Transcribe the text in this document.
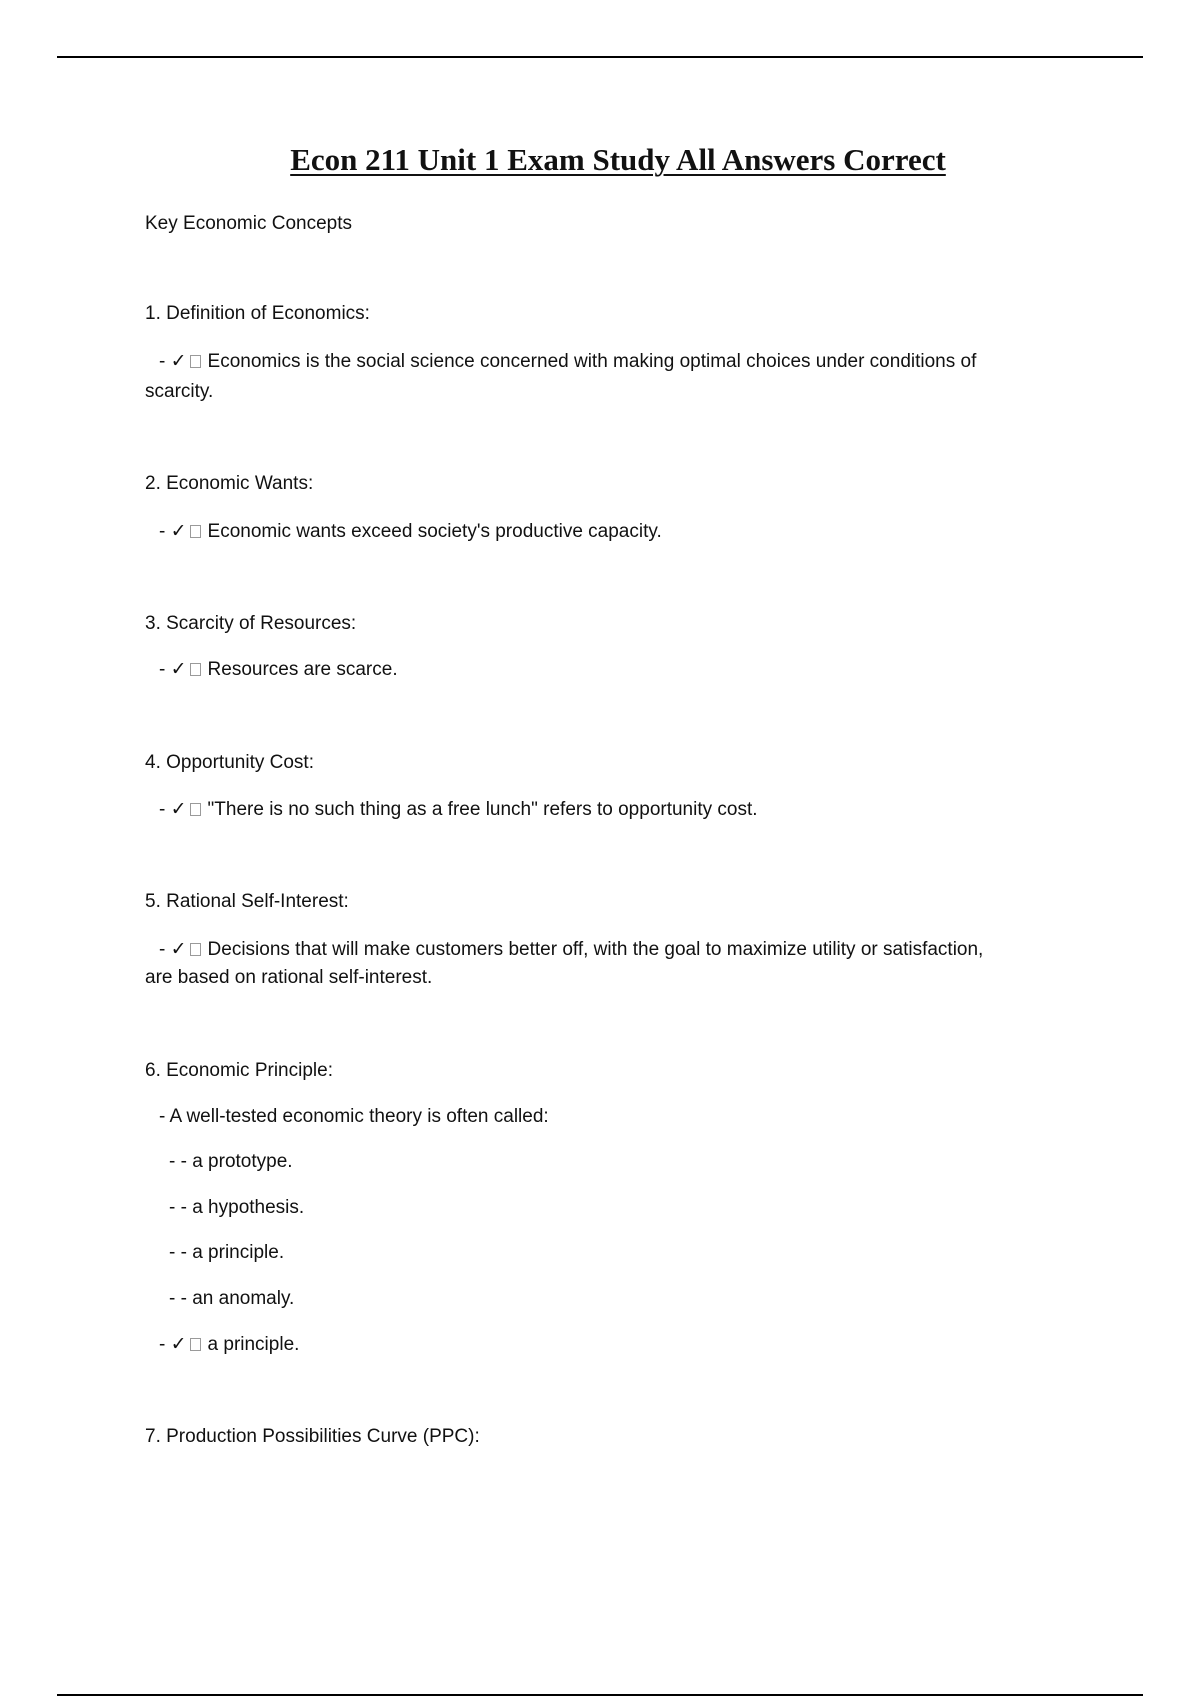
Econ 211 Unit 1 Exam Study All Answers Correct
Key Economic Concepts
1. Definition of Economics:
- ✓ Economics is the social science concerned with making optimal choices under conditions of
scarcity.
2. Economic Wants:
- ✓ Economic wants exceed society's productive capacity.
3. Scarcity of Resources:
- ✓ Resources are scarce.
4. Opportunity Cost:
- ✓ "There is no such thing as a free lunch" refers to opportunity cost.
5. Rational Self-Interest:
- ✓ Decisions that will make customers better off, with the goal to maximize utility or satisfaction,
are based on rational self-interest.
6. Economic Principle:
- A well-tested economic theory is often called:
- - a prototype.
- - a hypothesis.
- - a principle.
- - an anomaly.
- ✓ a principle.
7. Production Possibilities Curve (PPC):
